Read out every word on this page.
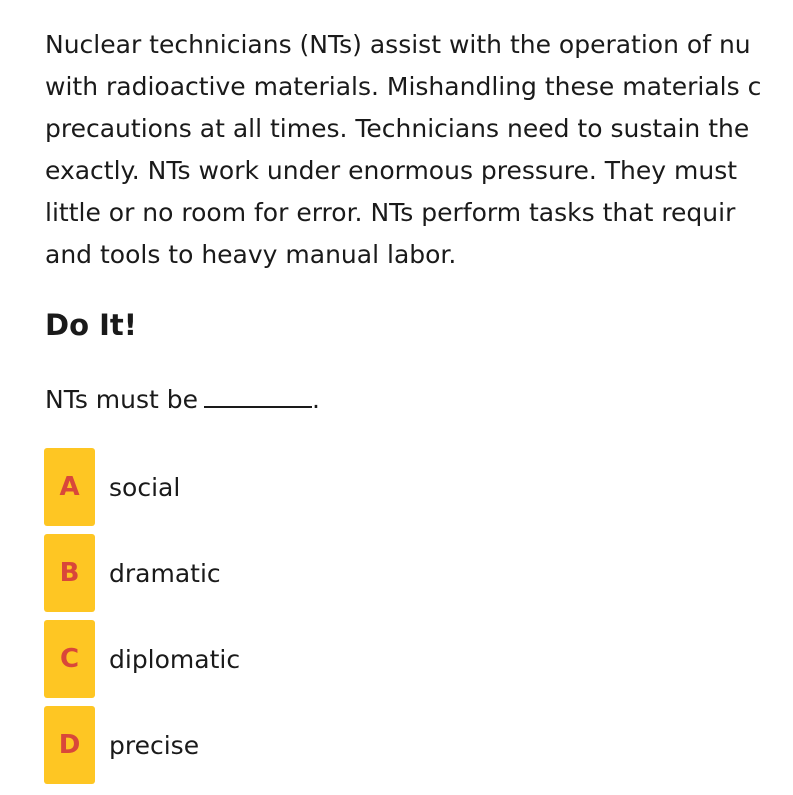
Nuclear technicians (NTs) assist with the operation of nu
with radioactive materials. Mishandling these materials c
precautions at all times. Technicians need to sustain the
exactly. NTs work under enormous pressure. They must
little or no room for error. NTs perform tasks that requir
and tools to heavy manual labor.
Do It!
NTs must be	.
A	social
B	dramatic
C	diplomatic
D	precise
